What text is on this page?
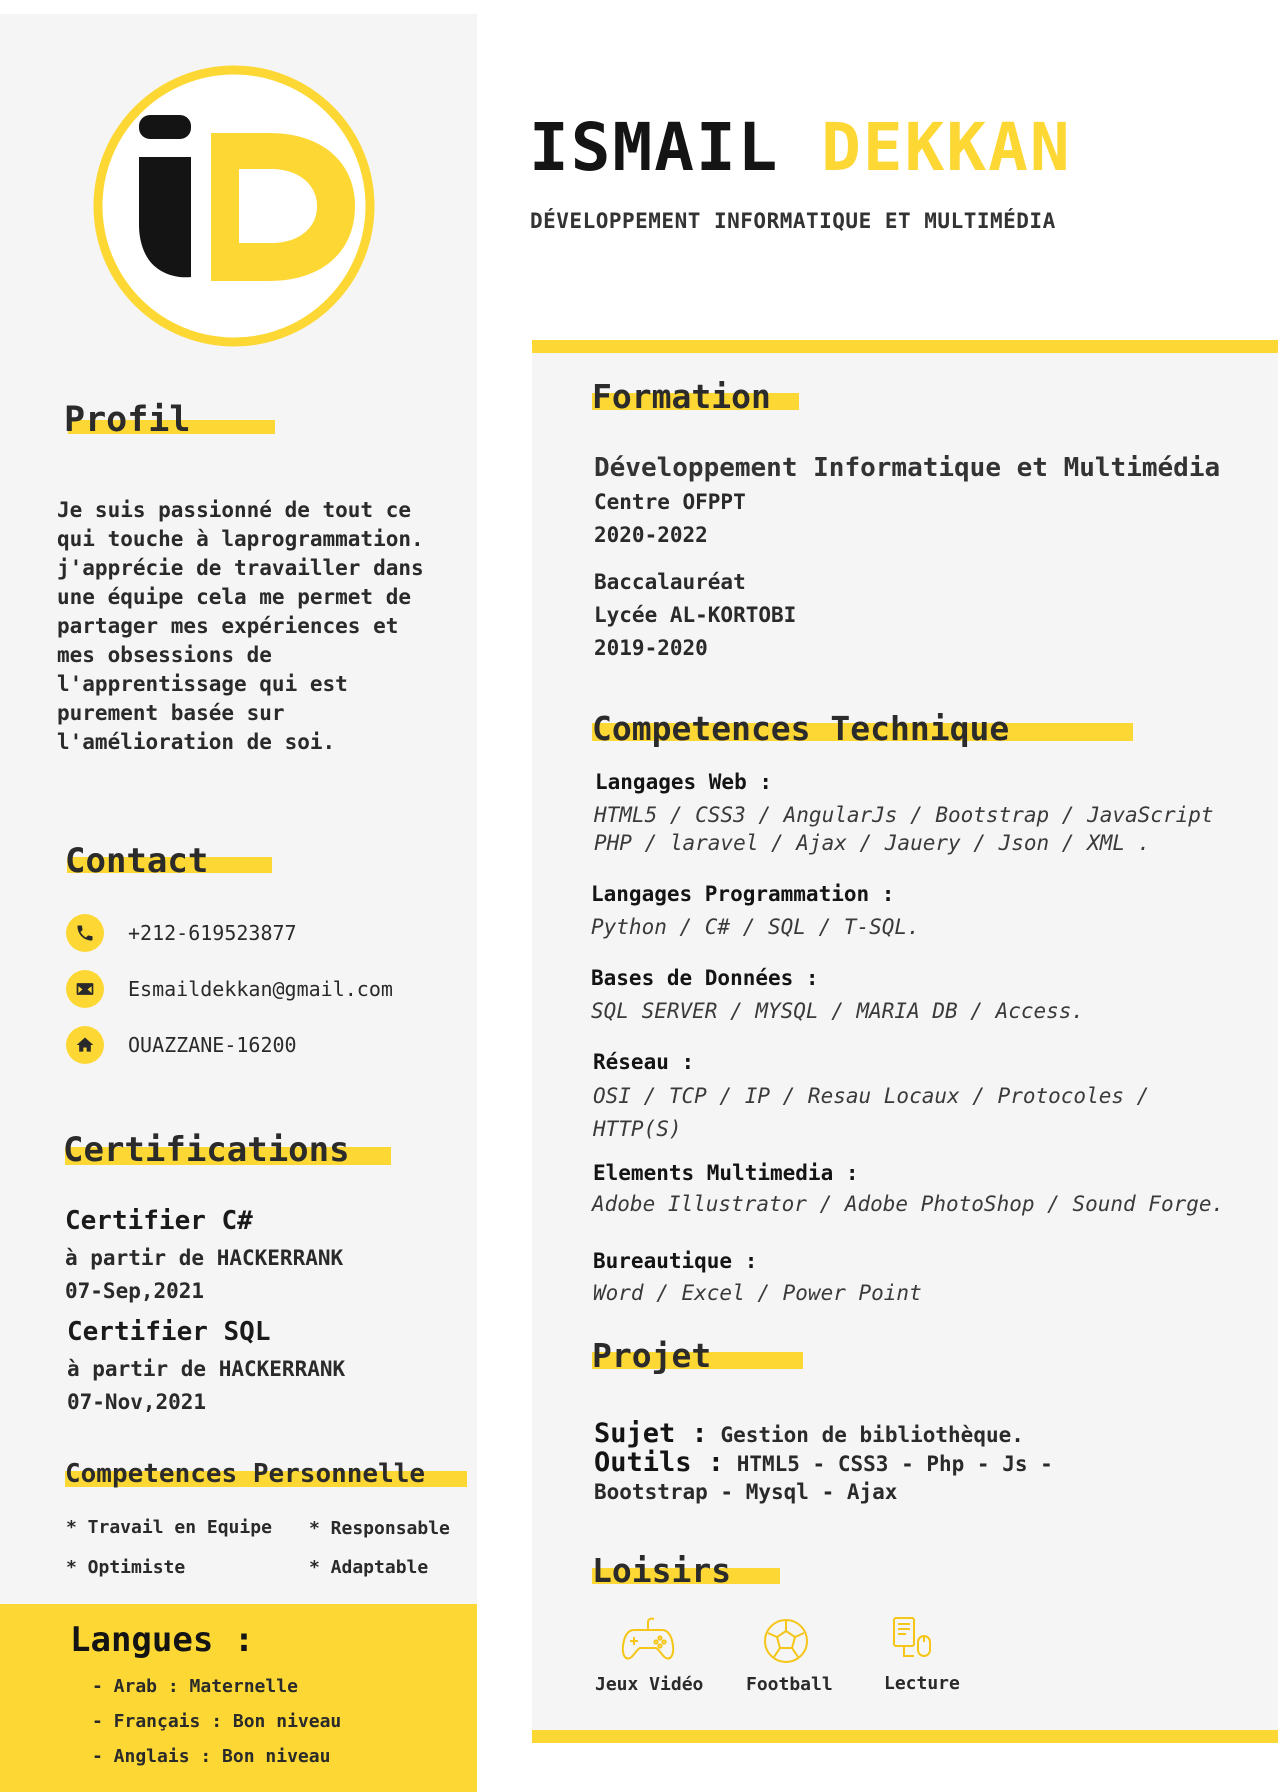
ISMAIL DEKKAN
DÉVELOPPEMENT INFORMATIQUE ET MULTIMÉDIA
Profil
Je suis passionné de tout ce
qui touche à laprogrammation.
j'apprécie de travailler dans
une équipe cela me permet de
partager mes expériences et
mes obsessions de
l'apprentissage qui est
purement basée sur
l'amélioration de soi.
Contact
+212-619523877
Esmaildekkan@gmail.com
OUAZZANE-16200
Certifications
Certifier C#
à partir de HACKERRANK
07-Sep,2021
Certifier SQL
à partir de HACKERRANK
07-Nov,2021
Competences Personnelle
* Travail en Equipe * Responsable
* Optimiste	* Adaptable
Langues :
- Arab : Maternelle
- Français : Bon niveau
- Anglais : Bon niveau
Formation
Développement Informatique et Multimédia
Centre OFPPT
2020-2022
Baccalauréat
Lycée AL-KORTOBI
2019-2020
Competences Technique
Langages Web :
HTML5 / CSS3 / AngularJs / Bootstrap / JavaScript
PHP / laravel / Ajax / Jauery / Json / XML .
Langages Programmation :
Python / C# / SQL / T-SQL.
Bases de Données :
SQL SERVER / MYSQL / MARIA DB / Access.
Réseau :
OSI / TCP / IP / Resau Locaux / Protocoles /
HTTP(S)
Elements Multimedia :
Adobe Illustrator / Adobe PhotoShop / Sound Forge.
Bureautique :
Word / Excel / Power Point
Projet
Sujet : Gestion de bibliothèque.
Outils : HTML5 - CSS3 - Php - Js -
Bootstrap - Mysql - Ajax
Loisirs
Jeux Vidéo Football	Lecture
